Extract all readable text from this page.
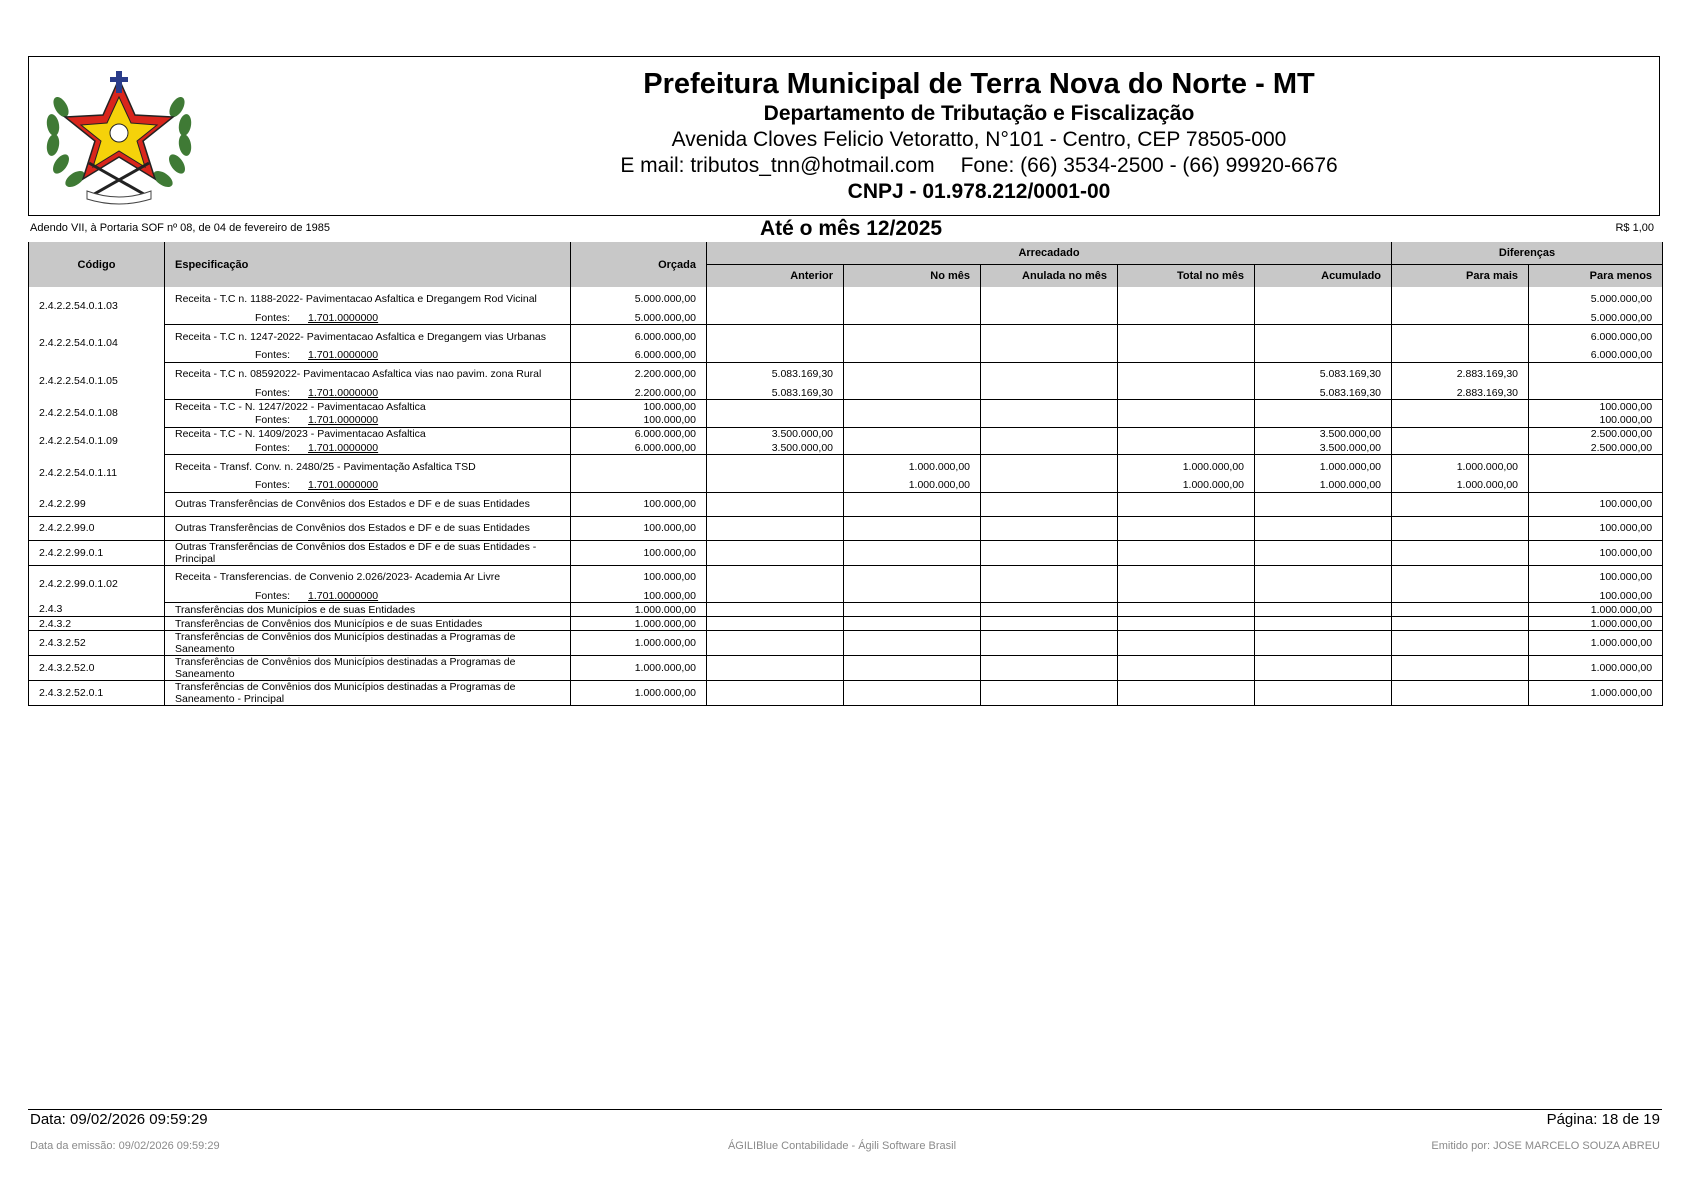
Prefeitura Municipal de Terra Nova do Norte - MT
Departamento de Tributação e Fiscalização
Avenida Cloves Felicio Vetoratto, N°101 - Centro, CEP 78505-000
E mail: tributos_tnn@hotmail.com Fone: (66) 3534-2500 - (66) 99920-6676
CNPJ - 01.978.212/0001-00
Adendo VII, à Portaria SOF nº 08, de 04 de fevereiro de 1985	Até o mês 12/2025	R$ 1,00
Código	Especificação	Orçada	Arrecadado					Diferenças	
			Anterior	No mês	Anulada no mês	Total no mês	Acumulado	Para mais	Para menos
2.4.2.2.54.0.1.03	Receita - T.C n. 1188-2022- Pavimentacao Asfaltica e Dregangem Rod Vicinal	5.000.000,00							5.000.000,00
	Fontes: 1.701.0000000	5.000.000,00							5.000.000,00
2.4.2.2.54.0.1.04	Receita - T.C n. 1247-2022- Pavimentacao Asfaltica e Dregangem vias Urbanas	6.000.000,00							6.000.000,00
	Fontes: 1.701.0000000	6.000.000,00							6.000.000,00
2.4.2.2.54.0.1.05	Receita - T.C n. 08592022- Pavimentacao Asfaltica vias nao pavim. zona Rural	2.200.000,00	5.083.169,30				5.083.169,30	2.883.169,30	
	Fontes: 1.701.0000000	2.200.000,00	5.083.169,30				5.083.169,30	2.883.169,30	
2.4.2.2.54.0.1.08	Receita - T.C - N. 1247/2022 - Pavimentacao Asfaltica	100.000,00							100.000,00
	Fontes: 1.701.0000000	100.000,00							100.000,00
2.4.2.2.54.0.1.09	Receita - T.C - N. 1409/2023 - Pavimentacao Asfaltica	6.000.000,00	3.500.000,00				3.500.000,00		2.500.000,00
	Fontes: 1.701.0000000	6.000.000,00	3.500.000,00				3.500.000,00		2.500.000,00
2.4.2.2.54.0.1.11	Receita - Transf. Conv. n. 2480/25 - Pavimentação Asfaltica TSD			1.000.000,00		1.000.000,00	1.000.000,00	1.000.000,00	
	Fontes: 1.701.0000000			1.000.000,00		1.000.000,00	1.000.000,00	1.000.000,00	
2.4.2.2.99	Outras Transferências de Convênios dos Estados e DF e de suas Entidades	100.000,00							100.000,00
2.4.2.2.99.0	Outras Transferências de Convênios dos Estados e DF e de suas Entidades	100.000,00							100.000,00
2.4.2.2.99.0.1	Outras Transferências de Convênios dos Estados e DF e de suas Entidades - Principal	100.000,00							100.000,00
2.4.2.2.99.0.1.02	Receita - Transferencias. de Convenio 2.026/2023- Academia Ar Livre	100.000,00							100.000,00
	Fontes: 1.701.0000000	100.000,00							100.000,00
2.4.3	Transferências dos Municípios e de suas Entidades	1.000.000,00							1.000.000,00
2.4.3.2	Transferências de Convênios dos Municípios e de suas Entidades	1.000.000,00							1.000.000,00
2.4.3.2.52	Transferências de Convênios dos Municípios destinadas a Programas de Saneamento	1.000.000,00							1.000.000,00
2.4.3.2.52.0	Transferências de Convênios dos Municípios destinadas a Programas de Saneamento	1.000.000,00							1.000.000,00
2.4.3.2.52.0.1	Transferências de Convênios dos Municípios destinadas a Programas de Saneamento - Principal	1.000.000,00							1.000.000,00
Data: 09/02/2026 09:59:29	Página: 18 de 19
Data da emissão: 09/02/2026 09:59:29	ÁGILIBlue Contabilidade - Ágili Software Brasil	Emitido por: JOSE MARCELO SOUZA ABREU
